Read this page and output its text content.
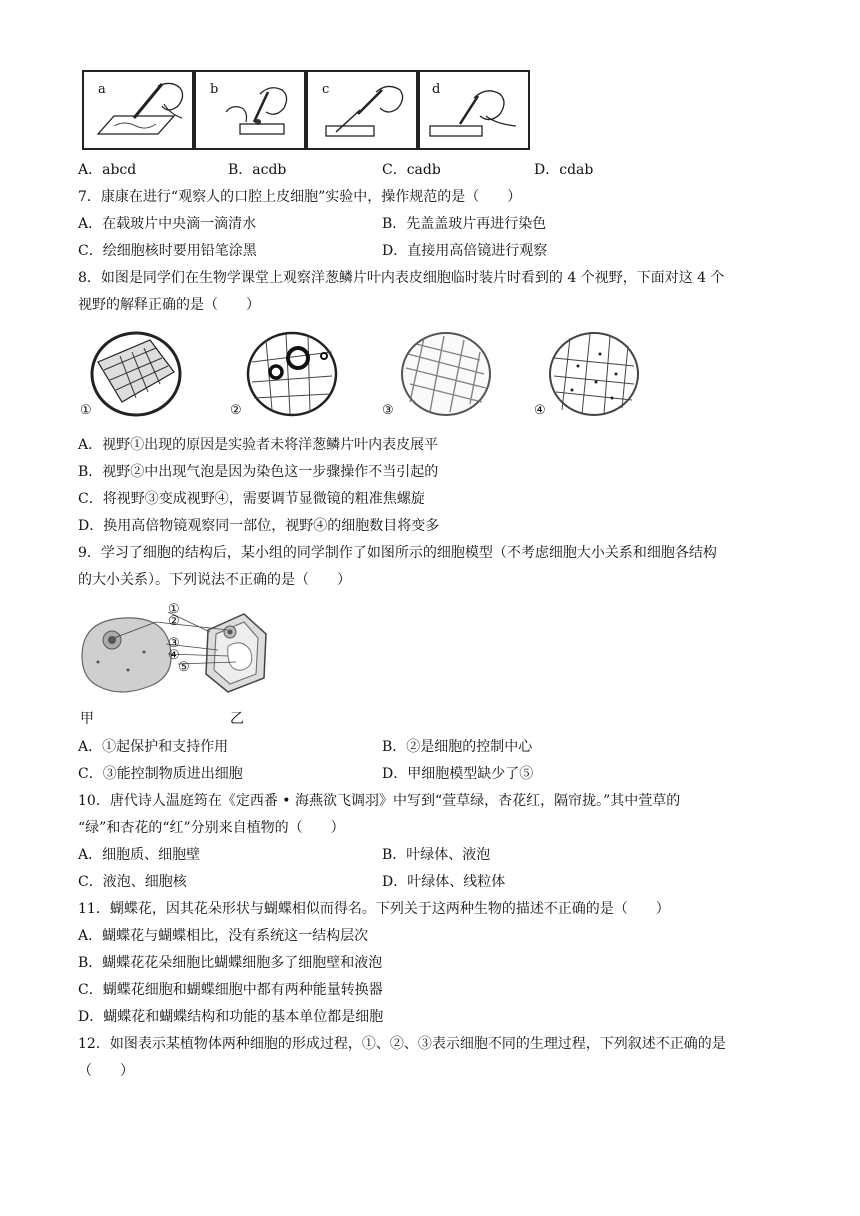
a	b	c	d
A．abcd	B．acdb	C．cadb	D．cdab
7．康康在进行“观察人的口腔上皮细胞”实验中，操作规范的是（　　）
A．在载玻片中央滴一滴清水	B．先盖盖玻片再进行染色
C．绘细胞核时要用铅笔涂黑	D．直接用高倍镜进行观察
8．如图是同学们在生物学课堂上观察洋葱鳞片叶内表皮细胞临时装片时看到的 4 个视野，下面对这 4 个
视野的解释正确的是（　　）
①	②	③	④
A．视野①出现的原因是实验者未将洋葱鳞片叶内表皮展平
B．视野②中出现气泡是因为染色这一步骤操作不当引起的
C．将视野③变成视野④，需要调节显微镜的粗准焦螺旋
D．换用高倍物镜观察同一部位，视野④的细胞数目将变多
9．学习了细胞的结构后，某小组的同学制作了如图所示的细胞模型（不考虑细胞大小关系和细胞各结构
的大小关系）。下列说法不正确的是（　　）
①
②
③
④
⑤
甲	乙
A．①起保护和支持作用	B．②是细胞的控制中心
C．③能控制物质进出细胞	D．甲细胞模型缺少了⑤
10．唐代诗人温庭筠在《定西番 • 海燕欲飞调羽》中写到“萱草绿，杏花红，隔帘拢。”其中萱草的
“绿”和杏花的“红”分别来自植物的（　　）
A．细胞质、细胞壁	B．叶绿体、液泡
C．液泡、细胞核	D．叶绿体、线粒体
11．蝴蝶花，因其花朵形状与蝴蝶相似而得名。下列关于这两种生物的描述不正确的是（　　）
A．蝴蝶花与蝴蝶相比，没有系统这一结构层次
B．蝴蝶花花朵细胞比蝴蝶细胞多了细胞壁和液泡
C．蝴蝶花细胞和蝴蝶细胞中都有两种能量转换器
D．蝴蝶花和蝴蝶结构和功能的基本单位都是细胞
12．如图表示某植物体两种细胞的形成过程，①、②、③表示细胞不同的生理过程，下列叙述不正确的是
（　　）
